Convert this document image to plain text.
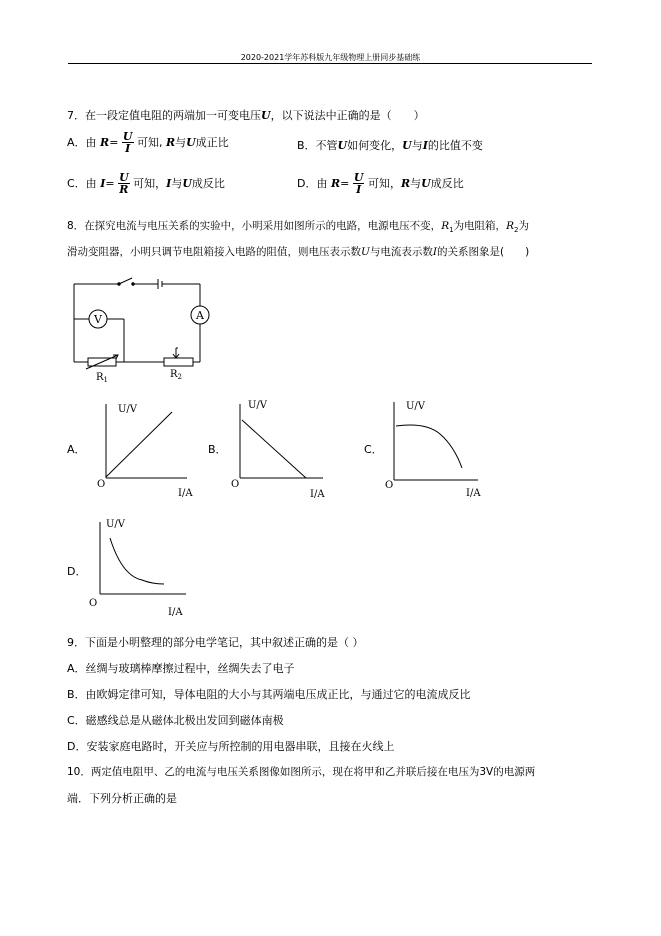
2020-2021学年苏科版九年级物理上册同步基础练
7．在一段定值电阻的两端加一可变电压U，以下说法中正确的是（　　）
A．由 $R= \frac{U}{I}$ 可知, R与U成正比	B．不管U如何变化，U与I的比值不变
C．由 $I= \frac{U}{R}$ 可知，I与U成反比	D．由 $R= \frac{U}{I}$ 可知，R与U成反比
8．在探究电流与电压关系的实验中，小明采用如图所示的电路，电源电压不变，$R_1$为电阻箱，$R_2$为
滑动变阻器，小明只调节电阻箱接入电路的阻值，则电压表示数U与电流表示数I的关系图象是(　　)
V	A
$R_1$	$R_2$
A．	B．	C．
D．
U/V
O
I/A
U/V
O
I/A
U/V
O
I/A
U/V
O
I/A
9．下面是小明整理的部分电学笔记，其中叙述正确的是（ ）
A．丝绸与玻璃棒摩擦过程中，丝绸失去了电子
B．由欧姆定律可知，导体电阻的大小与其两端电压成正比，与通过它的电流成反比
C．磁感线总是从磁体北极出发回到磁体南极
D．安装家庭电路时，开关应与所控制的用电器串联，且接在火线上
10．两定值电阻甲、乙的电流与电压关系图像如图所示，现在将甲和乙并联后接在电压为3V的电源两
端．下列分析正确的是
